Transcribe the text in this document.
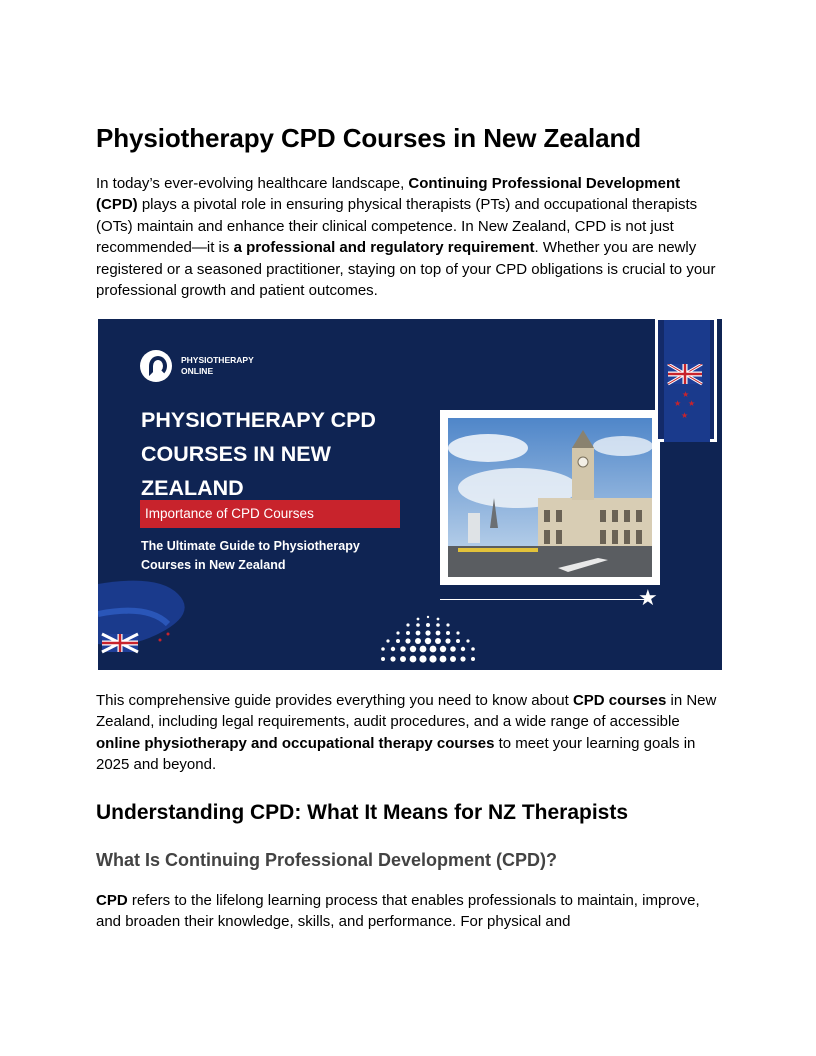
Physiotherapy CPD Courses in New Zealand

In today’s ever-evolving healthcare landscape, Continuing Professional Development (CPD) plays a pivotal role in ensuring physical therapists (PTs) and occupational therapists (OTs) maintain and enhance their clinical competence. In New Zealand, CPD is not just recommended—it is a professional and regulatory requirement. Whether you are newly registered or a seasoned practitioner, staying on top of your CPD obligations is crucial to your professional growth and patient outcomes.

This comprehensive guide provides everything you need to know about CPD courses in New Zealand, including legal requirements, audit procedures, and a wide range of accessible online physiotherapy and occupational therapy courses to meet your learning goals in 2025 and beyond.

Understanding CPD: What It Means for NZ Therapists
What Is Continuing Professional Development (CPD)?

CPD refers to the lifelong learning process that enables professionals to maintain, improve, and broaden their knowledge, skills, and performance. For physical and

PHYSIOTHERAPY
ONLINE
PHYSIOTHERAPY CPD
COURSES IN NEW
ZEALAND
Importance of CPD Courses
The Ultimate Guide to Physiotherapy
Courses in New Zealand
★
★
★ ★
★
